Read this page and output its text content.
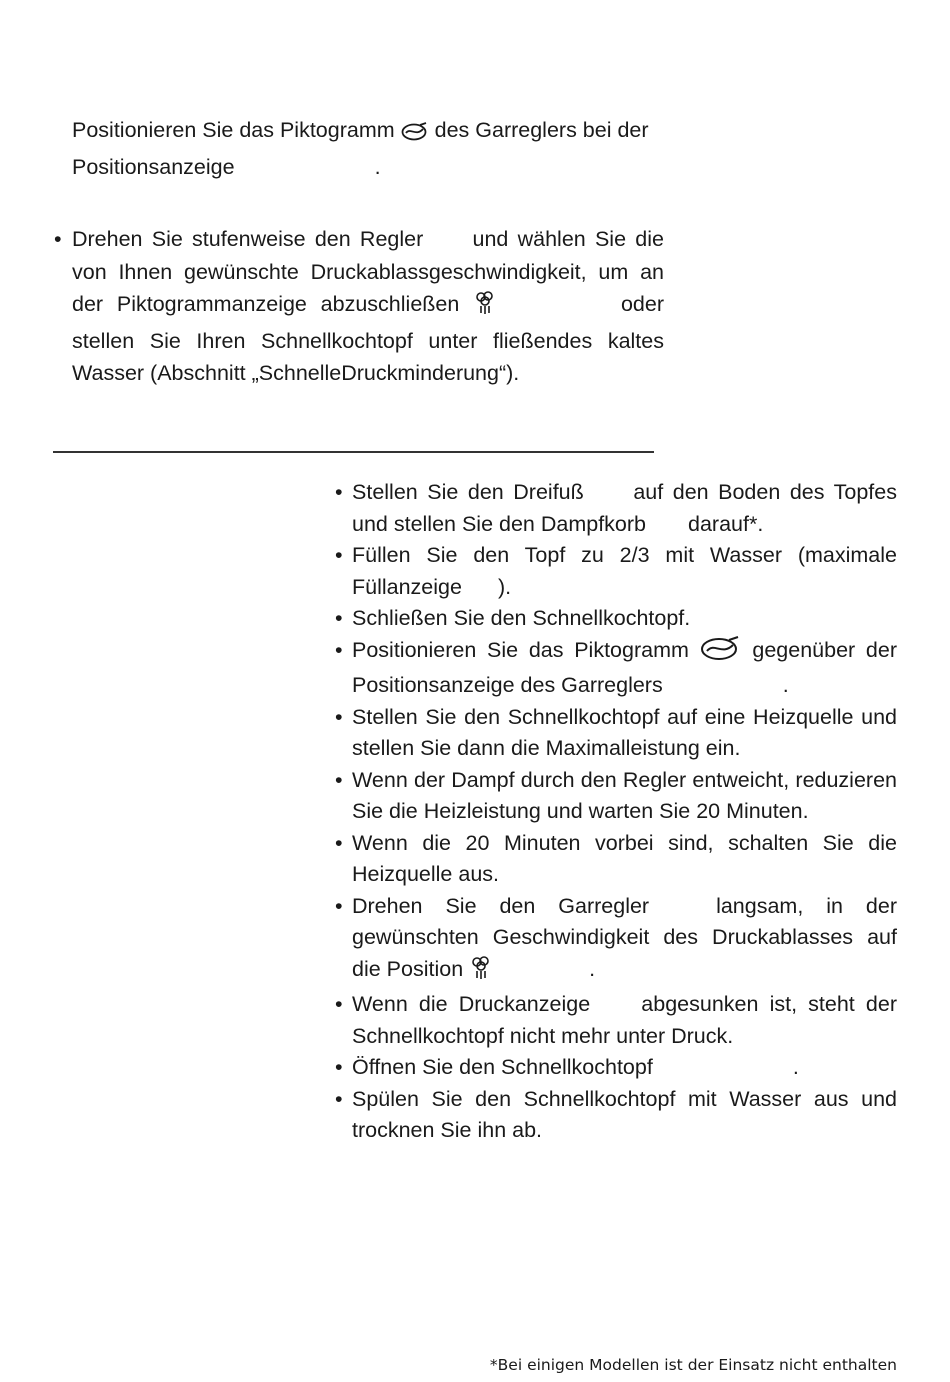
Positionieren Sie das Piktogramm des Garreglers bei der
Positionsanzeige	.
• Drehen Sie stufenweise den Regler und wählen Sie die von Ihnen gewünschte Druckablassgeschwindigkeit, um an der Piktogrammanzeige abzuschließen	oder stellen Sie Ihren Schnellkochtopf unter fließendes kaltes Wasser (Abschnitt „SchnelleDruckminderung“).
• Stellen Sie den Dreifuß auf den Boden des Topfes und stellen Sie den Dampfkorb darauf*.
• Füllen Sie den Topf zu 2/3 mit Wasser (maximale Füllanzeige ).
• Schließen Sie den Schnellkochtopf.
• Positionieren Sie das Piktogramm	gegenüber der Positionsanzeige des Garreglers	.
• Stellen Sie den Schnellkochtopf auf eine Heizquelle und stellen Sie dann die Maximalleistung ein.
• Wenn der Dampf durch den Regler entweicht, reduzieren Sie die Heizleistung und warten Sie 20 Minuten.
• Wenn die 20 Minuten vorbei sind, schalten Sie die Heizquelle aus.
• Drehen Sie den Garregler	langsam, in der gewünschten Geschwindigkeit des Druckablasses auf die Position	.
• Wenn die Druckanzeige abgesunken ist, steht der Schnellkochtopf nicht mehr unter Druck.
• Öffnen Sie den Schnellkochtopf	.
• Spülen Sie den Schnellkochtopf mit Wasser aus und trocknen Sie ihn ab.
*Bei einigen Modellen ist der Einsatz nicht enthalten
